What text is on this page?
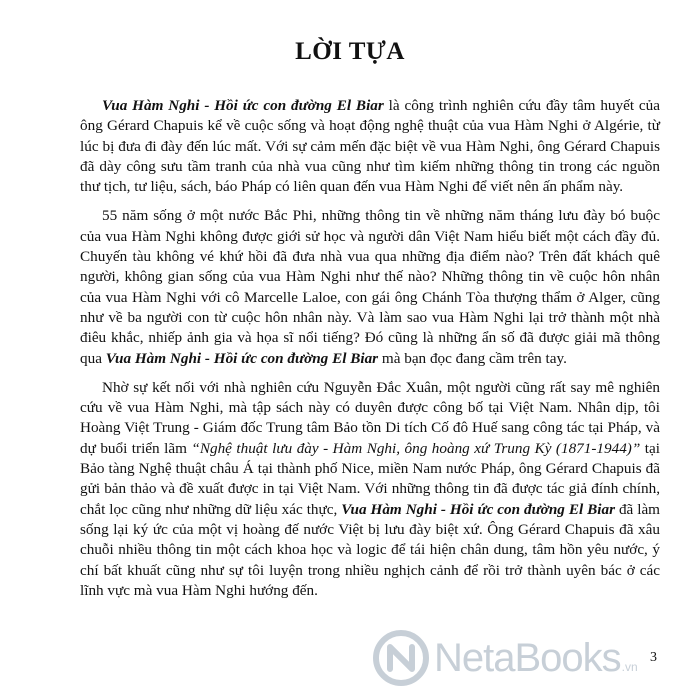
LỜI TỰA

Vua Hàm Nghi - Hồi ức con đường El Biar là công trình nghiên cứu đầy tâm huyết của ông Gérard Chapuis kể về cuộc sống và hoạt động nghệ thuật của vua Hàm Nghi ở Algérie, từ lúc bị đưa đi đày đến lúc mất. Với sự cảm mến đặc biệt về vua Hàm Nghi, ông Gérard Chapuis đã dày công sưu tầm tranh của nhà vua cũng như tìm kiếm những thông tin trong các nguồn thư tịch, tư liệu, sách, báo Pháp có liên quan đến vua Hàm Nghi để viết nên ấn phẩm này.

55 năm sống ở một nước Bắc Phi, những thông tin về những năm tháng lưu đày bó buộc của vua Hàm Nghi không được giới sử học và người dân Việt Nam hiểu biết một cách đầy đủ. Chuyến tàu không vé khứ hồi đã đưa nhà vua qua những địa điểm nào? Trên đất khách quê người, không gian sống của vua Hàm Nghi như thế nào? Những thông tin về cuộc hôn nhân của vua Hàm Nghi với cô Marcelle Laloe, con gái ông Chánh Tòa thượng thẩm ở Alger, cũng như về ba người con từ cuộc hôn nhân này. Và làm sao vua Hàm Nghi lại trở thành một nhà điêu khắc, nhiếp ảnh gia và họa sĩ nổi tiếng? Đó cũng là những ẩn số đã được giải mã thông qua Vua Hàm Nghi - Hồi ức con đường El Biar mà bạn đọc đang cầm trên tay.

Nhờ sự kết nối với nhà nghiên cứu Nguyễn Đắc Xuân, một người cũng rất say mê nghiên cứu về vua Hàm Nghi, mà tập sách này có duyên được công bố tại Việt Nam. Nhân dịp, tôi Hoàng Việt Trung - Giám đốc Trung tâm Bảo tồn Di tích Cố đô Huế sang công tác tại Pháp, và dự buổi triển lãm “Nghệ thuật lưu đày - Hàm Nghi, ông hoàng xứ Trung Kỳ (1871-1944)” tại Bảo tàng Nghệ thuật châu Á tại thành phố Nice, miền Nam nước Pháp, ông Gérard Chapuis đã gửi bản thảo và đề xuất được in tại Việt Nam. Với những thông tin đã được tác giả đính chính, chắt lọc cũng như những dữ liệu xác thực, Vua Hàm Nghi - Hồi ức con đường El Biar đã làm sống lại ký ức của một vị hoàng đế nước Việt bị lưu đày biệt xứ. Ông Gérard Chapuis đã xâu chuỗi nhiều thông tin một cách khoa học và logic để tái hiện chân dung, tâm hồn yêu nước, ý chí bất khuất cũng như sự tôi luyện trong nhiều nghịch cảnh để rồi trở thành uyên bác ở các lĩnh vực mà vua Hàm Nghi hướng đến.

NetaBooks .vn
3
